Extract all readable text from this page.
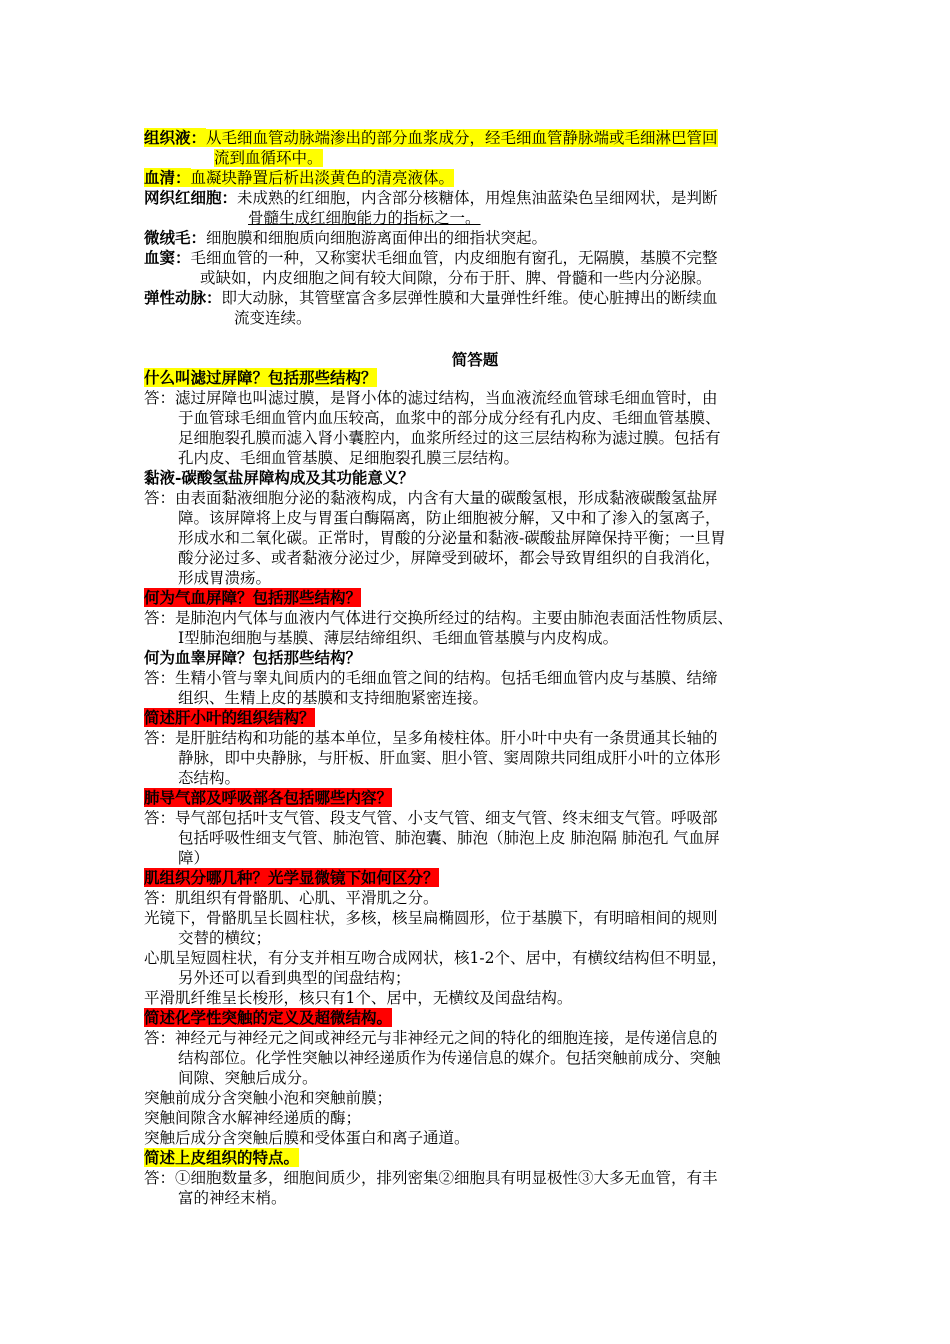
组织液：从毛细血管动脉端渗出的部分血浆成分，经毛细血管静脉端或毛细淋巴管回
流到血循环中。
血清：血凝块静置后析出淡黄色的清亮液体。
网织红细胞：未成熟的红细胞，内含部分核糖体，用煌焦油蓝染色呈细网状，是判断
骨髓生成红细胞能力的指标之一。
微绒毛：细胞膜和细胞质向细胞游离面伸出的细指状突起。
血窦：毛细血管的一种，又称窦状毛细血管，内皮细胞有窗孔，无隔膜，基膜不完整
或缺如，内皮细胞之间有较大间隙，分布于肝、脾、骨髓和一些内分泌腺。
弹性动脉：即大动脉，其管壁富含多层弹性膜和大量弹性纤维。使心脏搏出的断续血
流变连续。
简答题
什么叫滤过屏障？包括那些结构？
答：滤过屏障也叫滤过膜，是肾小体的滤过结构，当血液流经血管球毛细血管时，由
于血管球毛细血管内血压较高，血浆中的部分成分经有孔内皮、毛细血管基膜、
足细胞裂孔膜而滤入肾小囊腔内，血浆所经过的这三层结构称为滤过膜。包括有
孔内皮、毛细血管基膜、足细胞裂孔膜三层结构。
黏液-碳酸氢盐屏障构成及其功能意义？
答：由表面黏液细胞分泌的黏液构成，内含有大量的碳酸氢根，形成黏液碳酸氢盐屏
障。该屏障将上皮与胃蛋白酶隔离，防止细胞被分解，又中和了渗入的氢离子，
形成水和二氧化碳。正常时，胃酸的分泌量和黏液-碳酸盐屏障保持平衡；一旦胃
酸分泌过多、或者黏液分泌过少，屏障受到破坏，都会导致胃组织的自我消化，
形成胃溃疡。
何为气血屏障？包括那些结构？
答：是肺泡内气体与血液内气体进行交换所经过的结构。主要由肺泡表面活性物质层、
I型肺泡细胞与基膜、薄层结缔组织、毛细血管基膜与内皮构成。
何为血睾屏障？包括那些结构？
答：生精小管与睾丸间质内的毛细血管之间的结构。包括毛细血管内皮与基膜、结缔
组织、生精上皮的基膜和支持细胞紧密连接。
简述肝小叶的组织结构？
答：是肝脏结构和功能的基本单位，呈多角棱柱体。肝小叶中央有一条贯通其长轴的
静脉，即中央静脉，与肝板、肝血窦、胆小管、窦周隙共同组成肝小叶的立体形
态结构。
肺导气部及呼吸部各包括哪些内容？
答：导气部包括叶支气管、段支气管、小支气管、细支气管、终末细支气管。呼吸部
包括呼吸性细支气管、肺泡管、肺泡囊、肺泡（肺泡上皮 肺泡隔 肺泡孔 气血屏
障）
肌组织分哪几种？光学显微镜下如何区分？
答：肌组织有骨骼肌、心肌、平滑肌之分。
光镜下，骨骼肌呈长圆柱状，多核，核呈扁椭圆形，位于基膜下，有明暗相间的规则
交替的横纹；
心肌呈短圆柱状，有分支并相互吻合成网状，核1-2个、居中，有横纹结构但不明显，
另外还可以看到典型的闰盘结构；
平滑肌纤维呈长梭形，核只有1个、居中，无横纹及闰盘结构。
简述化学性突触的定义及超微结构。
答：神经元与神经元之间或神经元与非神经元之间的特化的细胞连接，是传递信息的
结构部位。化学性突触以神经递质作为传递信息的媒介。包括突触前成分、突触
间隙、突触后成分。
突触前成分含突触小泡和突触前膜；
突触间隙含水解神经递质的酶；
突触后成分含突触后膜和受体蛋白和离子通道。
简述上皮组织的特点。
答：①细胞数量多，细胞间质少，排列密集②细胞具有明显极性③大多无血管，有丰
富的神经末梢。
